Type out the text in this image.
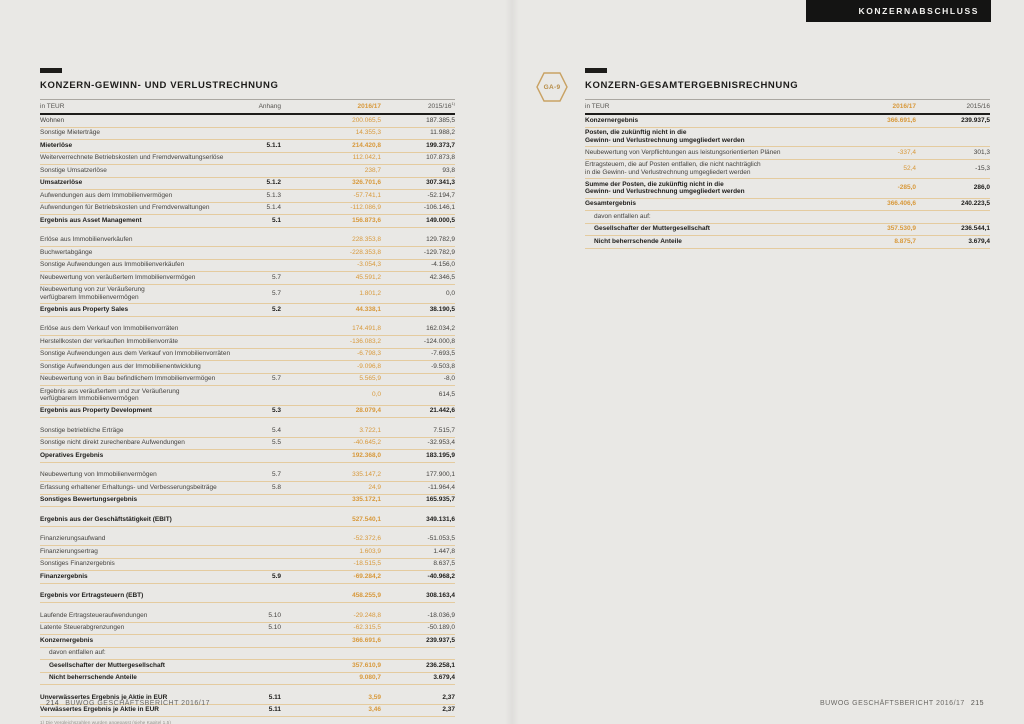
KONZERNABSCHLUSS
KONZERN-GEWINN- UND VERLUSTRECHNUNG
in TEUR	Anhang	2016/17	2015/16$^{1)}$
Wohnen	200.065,5	187.385,5
Sonstige Mieterträge	14.355,3	11.988,2
Mieterlöse	5.1.1	214.420,8	199.373,7
Weiterverrechnete Betriebskosten und Fremdverwaltungserlöse	112.042,1	107.873,8
Sonstige Umsatzerlöse	238,7	93,8
Umsatzerlöse	5.1.2	326.701,6	307.341,3
Aufwendungen aus dem Immobilienvermögen	5.1.3	-57.741,1	-52.194,7
Aufwendungen für Betriebskosten und Fremdverwaltungen	5.1.4	-112.086,9	-106.146,1
Ergebnis aus Asset Management	5.1	156.873,6	149.000,5
Erlöse aus Immobilienverkäufen	228.353,8	129.782,9
Buchwertabgänge	-228.353,8	-129.782,9
Sonstige Aufwendungen aus Immobilienverkäufen	-3.054,3	-4.156,0
Neubewertung von veräußertem Immobilienvermögen	5.7	45.591,2	42.346,5
Neubewertung von zur Veräußerung
verfügbarem Immobilienvermögen
5.7	1.801,2	0,0
Ergebnis aus Property Sales	5.2	44.338,1	38.190,5
Erlöse aus dem Verkauf von Immobilienvorräten	174.491,8	162.034,2
Herstellkosten der verkauften Immobilienvorräte	-136.083,2	-124.000,8
Sonstige Aufwendungen aus dem Verkauf von Immobilienvorräten	-6.798,3	-7.693,5
Sonstige Aufwendungen aus der Immobilienentwicklung	-9.096,8	-9.503,8
Neubewertung von in Bau befindlichem Immobilienvermögen	5.7	5.565,9	-8,0
Ergebnis aus veräußertem und zur Veräußerung
verfügbarem Immobilienvermögen
0,0	614,5
Ergebnis aus Property Development	5.3	28.079,4	21.442,6
Sonstige betriebliche Erträge	5.4	3.722,1	7.515,7
Sonstige nicht direkt zurechenbare Aufwendungen	5.5	-40.645,2	-32.953,4
Operatives Ergebnis	192.368,0	183.195,9
Neubewertung von Immobilienvermögen	5.7	335.147,2	177.900,1
Erfassung erhaltener Erhaltungs- und Verbesserungsbeiträge	5.8	24,9	-11.964,4
Sonstiges Bewertungsergebnis	335.172,1	165.935,7
Ergebnis aus der Geschäftstätigkeit (EBIT)	527.540,1	349.131,6
Finanzierungsaufwand	-52.372,6	-51.053,5
Finanzierungsertrag	1.603,9	1.447,8
Sonstiges Finanzergebnis	-18.515,5	8.637,5
Finanzergebnis	5.9	-69.284,2	-40.968,2
Ergebnis vor Ertragsteuern (EBT)	458.255,9	308.163,4
Laufende Ertragsteueraufwendungen	5.10	-29.248,8	-18.036,9
Latente Steuerabgrenzungen	5.10	-62.315,5	-50.189,0
Konzernergebnis	366.691,6	239.937,5
davon entfallen auf:
Gesellschafter der Muttergesellschaft	357.610,9	236.258,1
Nicht beherrschende Anteile	9.080,7	3.679,4
Unverwässertes Ergebnis je Aktie in EUR	5.11	3,59	2,37
Verwässertes Ergebnis je Aktie in EUR	5.11	3,46	2,37

1) Die Vergleichszahlen wurden angepasst (siehe Kapitel 1.5)

GA-9	KONZERN-GESAMTERGEBNISRECHNUNG
in TEUR	2016/17	2015/16
Konzernergebnis	366.691,6	239.937,5
Posten, die zukünftig nicht in die
Gewinn- und Verlustrechnung umgegliedert werden
Neubewertung von Verpflichtungen aus leistungsorientierten Plänen	-337,4	301,3
Ertragsteuern, die auf Posten entfallen, die nicht nachträglich
in die Gewinn- und Verlustrechnung umgegliedert werden
52,4	-15,3
Summe der Posten, die zukünftig nicht in die
Gewinn- und Verlustrechnung umgegliedert werden
-285,0	286,0
Gesamtergebnis	366.406,6	240.223,5
davon entfallen auf:
Gesellschafter der Muttergesellschaft	357.530,9	236.544,1
Nicht beherrschende Anteile	8.875,7	3.679,4
214 BUWOG GESCHÄFTSBERICHT 2016/17	BUWOG GESCHÄFTSBERICHT 2016/17 215
